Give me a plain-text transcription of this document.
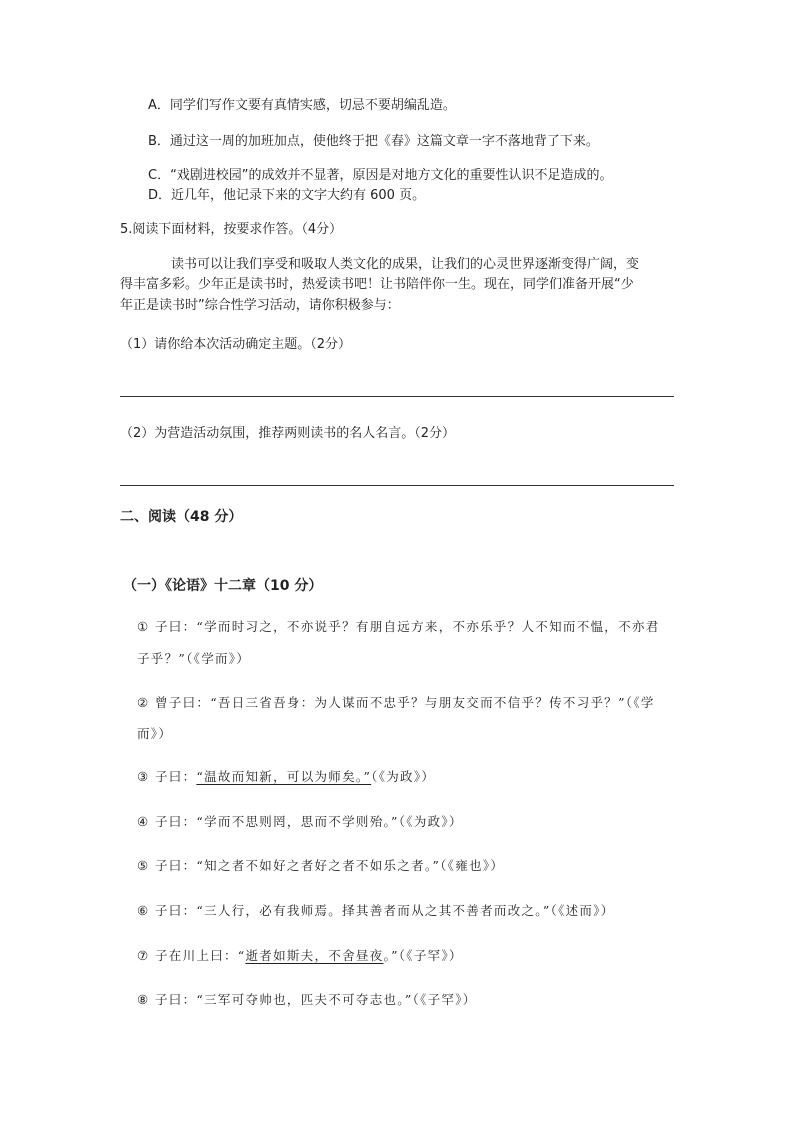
A．同学们写作文要有真情实感，切忌不要胡编乱造。
B．通过这一周的加班加点，使他终于把《春》这篇文章一字不落地背了下来。
C．“戏剧进校园”的成效并不显著，原因是对地方文化的重要性认识不足造成的。
D．近几年，他记录下来的文字大约有 600 页。
5.阅读下面材料，按要求作答。（4分）
读书可以让我们享受和吸取人类文化的成果，让我们的心灵世界逐渐变得广阔，变
得丰富多彩。少年正是读书时，热爱读书吧！让书陪伴你一生。现在，同学们准备开展“少
年正是读书时”综合性学习活动，请你积极参与：
（1）请你给本次活动确定主题。（2分）
（2）为营造活动氛围，推荐两则读书的名人名言。（2分）
二、阅读（48 分）
（一）《论语》十二章（10 分）
① 子曰：“学而时习之，不亦说乎？有朋自远方来，不亦乐乎？人不知而不愠，不亦君
子乎？”（《学而》）
② 曾子曰：“吾日三省吾身：为人谋而不忠乎？与朋友交而不信乎？传不习乎？”（《学
而》）
③ 子曰：“温故而知新，可以为师矣。”（《为政》）
④ 子曰：“学而不思则罔，思而不学则殆。”（《为政》）
⑤ 子曰：“知之者不如好之者好之者不如乐之者。”（《雍也》）
⑥ 子曰：“三人行，必有我师焉。择其善者而从之其不善者而改之。”（《述而》）
⑦ 子在川上曰：“逝者如斯夫，不舍昼夜。”（《子罕》）
⑧ 子曰：“三军可夺帅也，匹夫不可夺志也。”（《子罕》）
